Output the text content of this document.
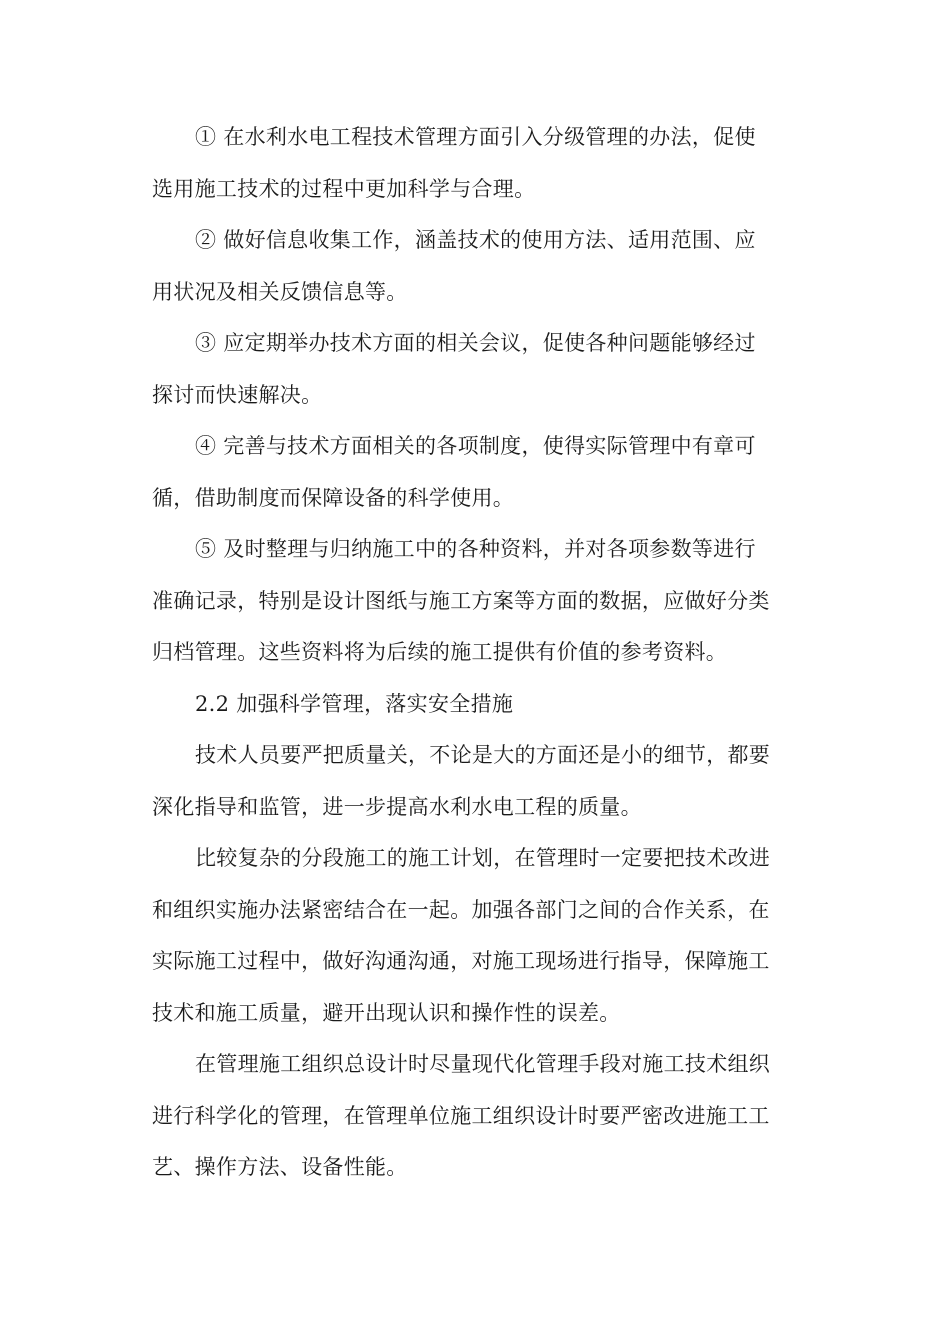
① 在水利水电工程技术管理方面引入分级管理的办法，促使
选用施工技术的过程中更加科学与合理。

② 做好信息收集工作，涵盖技术的使用方法、适用范围、应
用状况及相关反馈信息等。

③ 应定期举办技术方面的相关会议，促使各种问题能够经过
探讨而快速解决。

④ 完善与技术方面相关的各项制度，使得实际管理中有章可
循，借助制度而保障设备的科学使用。

⑤ 及时整理与归纳施工中的各种资料，并对各项参数等进行
准确记录，特别是设计图纸与施工方案等方面的数据，应做好分类
归档管理。这些资料将为后续的施工提供有价值的参考资料。

2.2 加强科学管理，落实安全措施

技术人员要严把质量关，不论是大的方面还是小的细节，都要
深化指导和监管，进一步提高水利水电工程的质量。

比较复杂的分段施工的施工计划，在管理时一定要把技术改进
和组织实施办法紧密结合在一起。加强各部门之间的合作关系，在
实际施工过程中，做好沟通沟通，对施工现场进行指导，保障施工
技术和施工质量，避开出现认识和操作性的误差。

在管理施工组织总设计时尽量现代化管理手段对施工技术组织
进行科学化的管理，在管理单位施工组织设计时要严密改进施工工
艺、操作方法、设备性能。
